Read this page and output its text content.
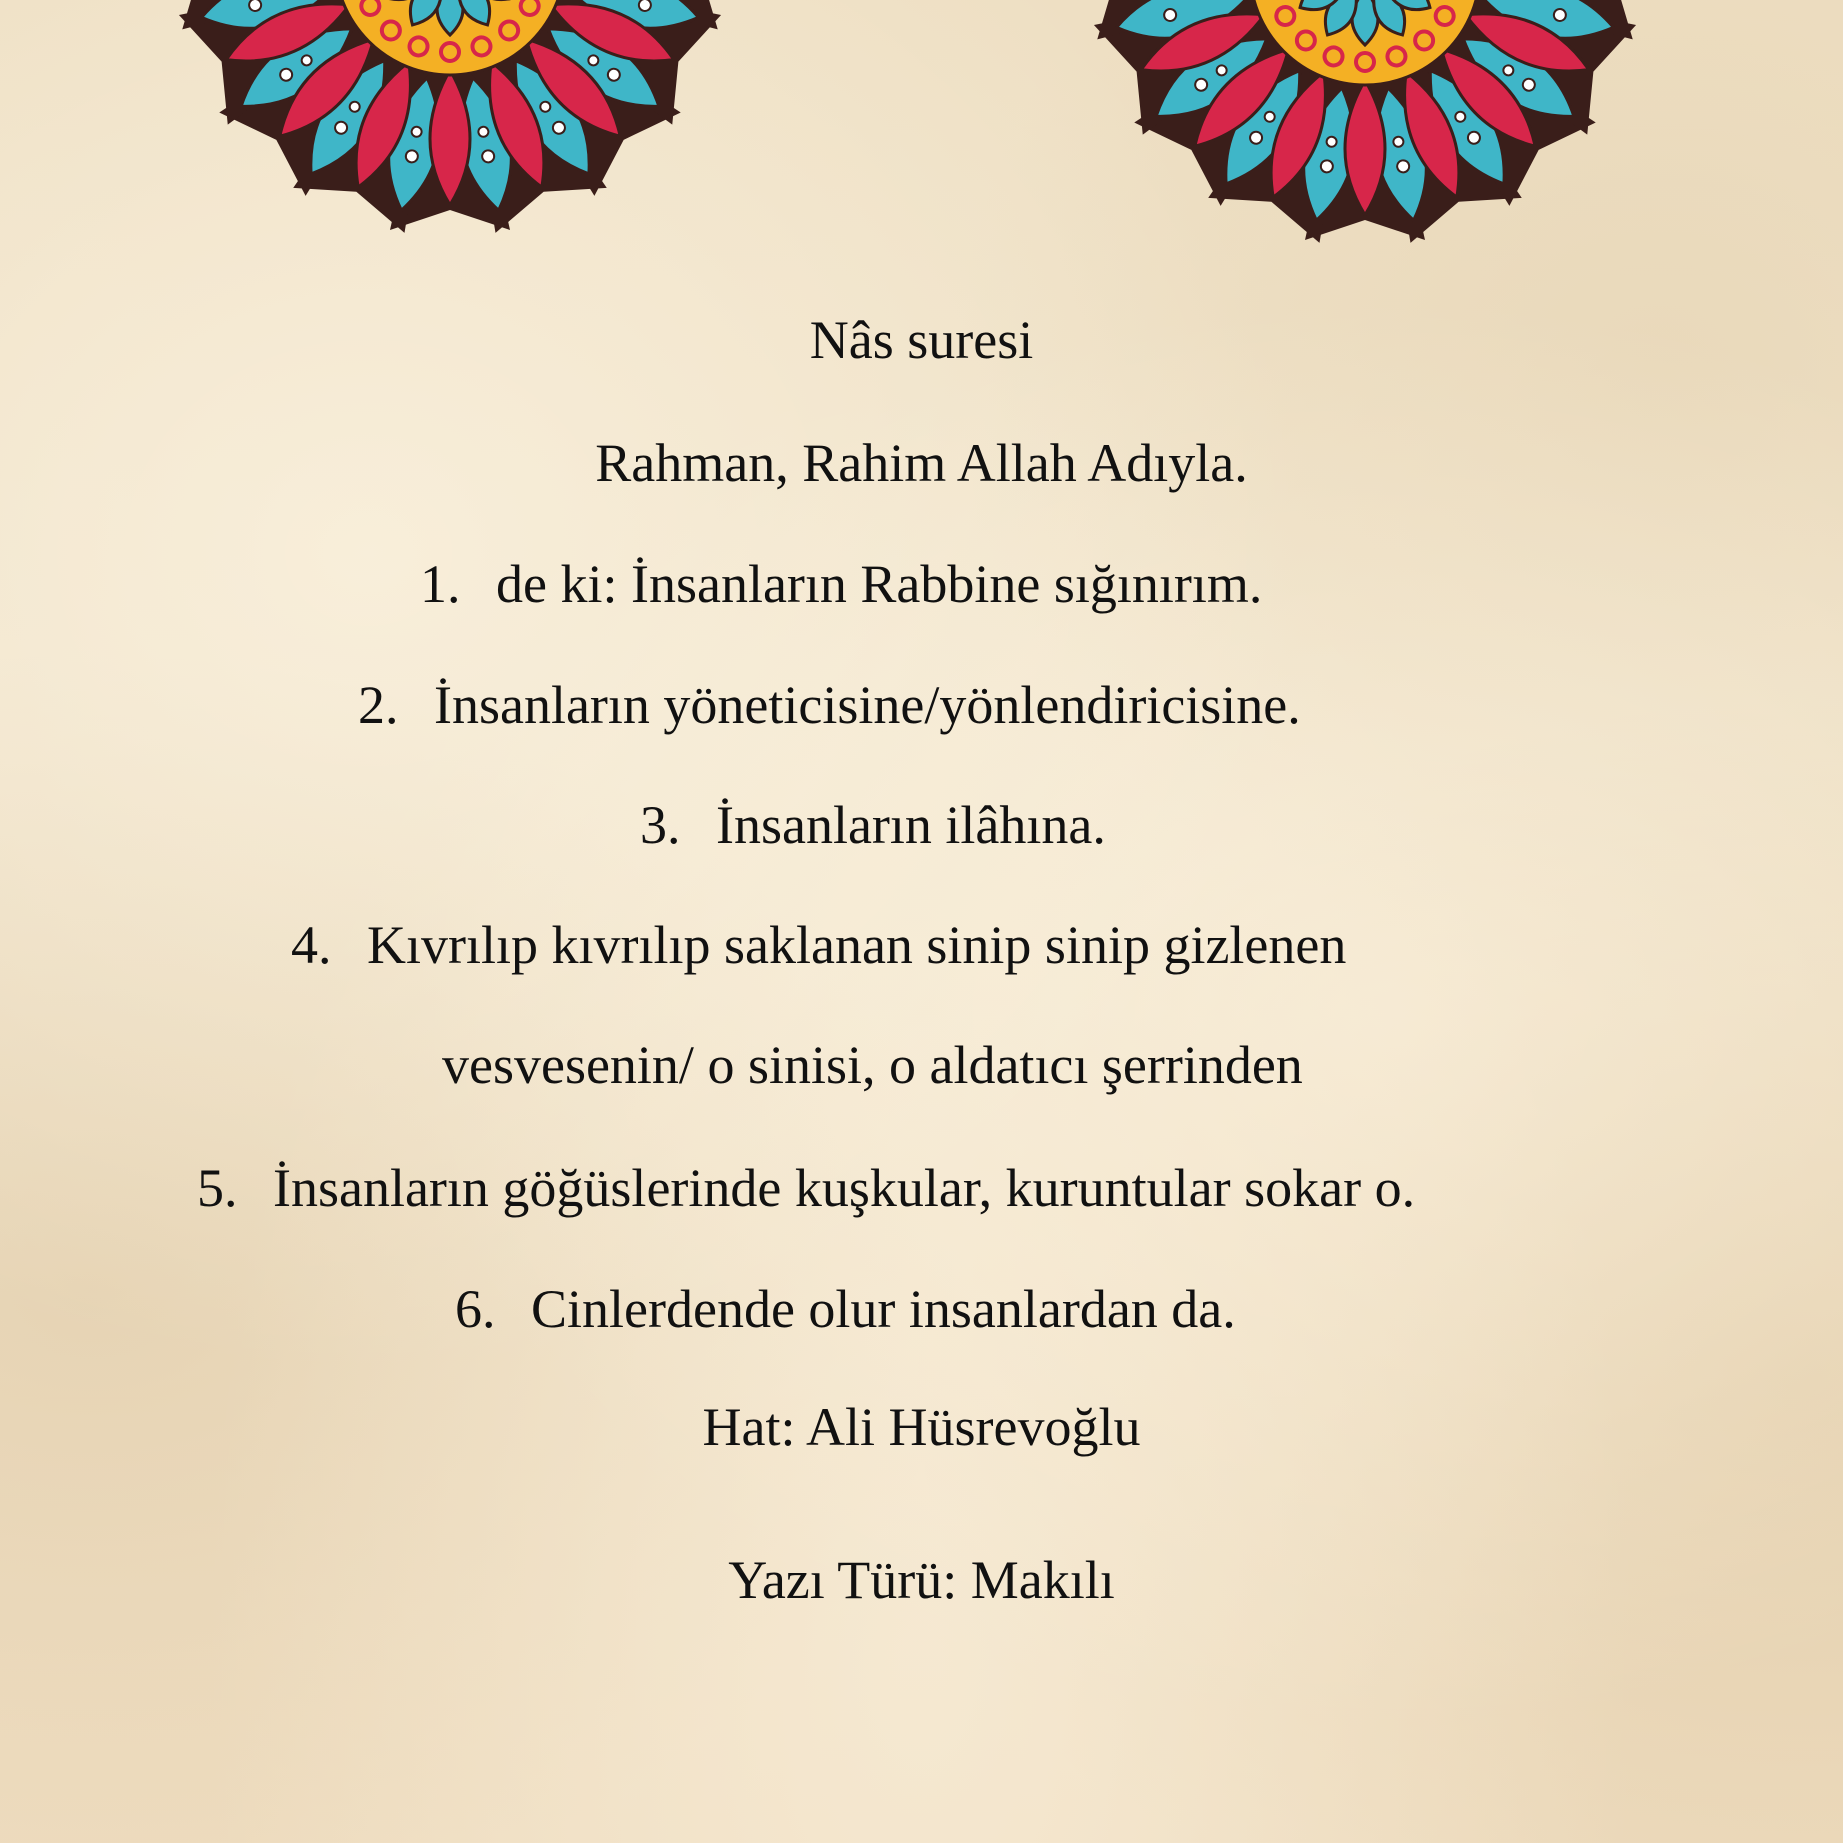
Nâs suresi
Rahman, Rahim Allah Adıyla.
1. de ki: İnsanların Rabbine sığınırım.
2. İnsanların yöneticisine/yönlendiricisine.
3. İnsanların ilâhına.
4. Kıvrılıp kıvrılıp saklanan sinip sinip gizlenen
vesvesenin/ o sinisi, o aldatıcı şerrinden
5. İnsanların göğüslerinde kuşkular, kuruntular sokar o.
6. Cinlerdende olur insanlardan da.
Hat: Ali Hüsrevoğlu
Yazı Türü: Makılı
